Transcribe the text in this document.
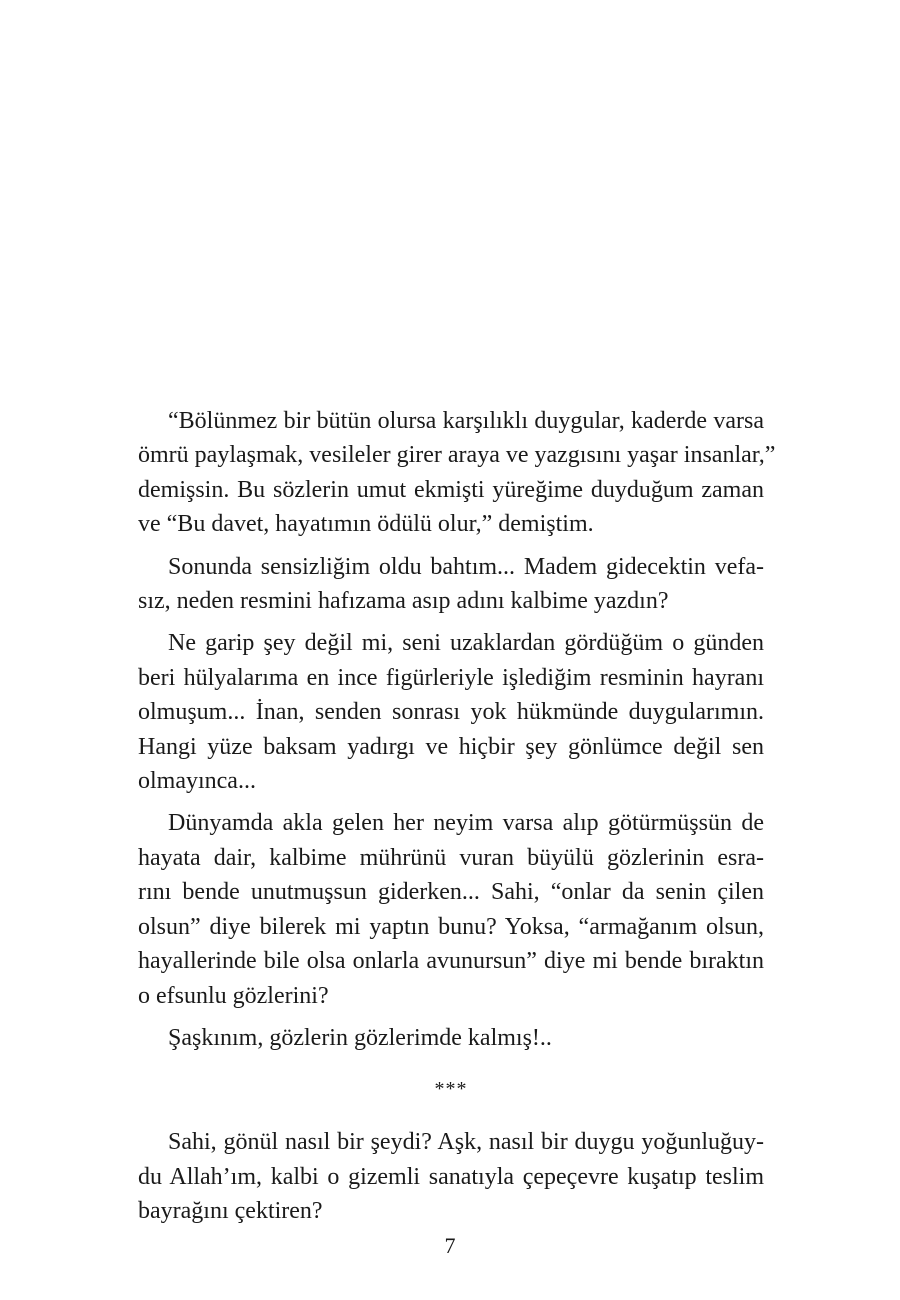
“Bölünmez bir bütün olursa karşılıklı duygular, kaderde varsa
ömrü paylaşmak, vesileler girer araya ve yazgısını yaşar insanlar,”
demişsin. Bu sözlerin umut ekmişti yüreğime duyduğum zaman
ve “Bu davet, hayatımın ödülü olur,” demiştim.

Sonunda sensizliğim oldu bahtım... Madem gidecektin vefa-
sız, neden resmini hafızama asıp adını kalbime yazdın?

Ne garip şey değil mi, seni uzaklardan gördüğüm o günden
beri hülyalarıma en ince figürleriyle işlediğim resminin hayranı
olmuşum... İnan, senden sonrası yok hükmünde duygularımın.
Hangi yüze baksam yadırgı ve hiçbir şey gönlümce değil sen
olmayınca...

Dünyamda akla gelen her neyim varsa alıp götürmüşsün de
hayata dair, kalbime mührünü vuran büyülü gözlerinin esra-
rını bende unutmuşsun giderken... Sahi, “onlar da senin çilen
olsun” diye bilerek mi yaptın bunu? Yoksa, “armağanım olsun,
hayallerinde bile olsa onlarla avunursun” diye mi bende bıraktın
o efsunlu gözlerini?

Şaşkınım, gözlerin gözlerimde kalmış!..

***

Sahi, gönül nasıl bir şeydi? Aşk, nasıl bir duygu yoğunluğuy-
du Allah’ım, kalbi o gizemli sanatıyla çepeçevre kuşatıp teslim
bayrağını çektiren?

7
